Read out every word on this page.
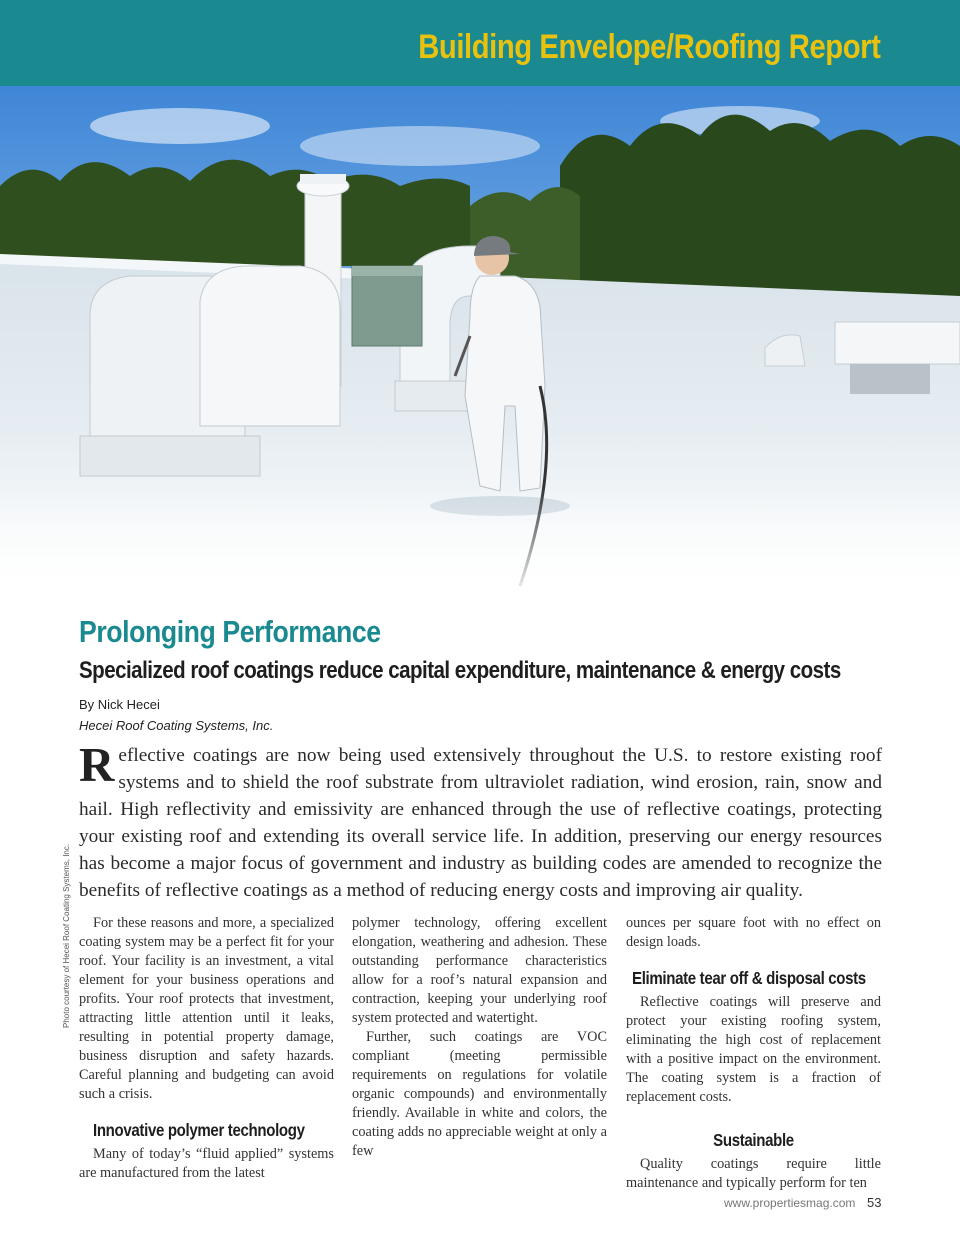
Building Envelope/Roofing Report
Photo courtesy of Hecei Roof Coating Systems, Inc.
Prolonging Performance
Specialized roof coatings reduce capital expenditure, maintenance & energy costs
By Nick Hecei
Hecei Roof Coating Systems, Inc.
Reflective coatings are now being used extensively throughout the U.S. to restore existing roof systems and to shield the roof substrate from ultraviolet radiation, wind erosion, rain, snow and hail. High reflectivity and emissivity are enhanced through the use of reflective coatings, protecting your existing roof and extending its overall service life. In addition, preserving our energy resources has become a major focus of government and industry as building codes are amended to recognize the benefits of reflective coatings as a method of reducing energy costs and improving air quality.

For these reasons and more, a specialized coating system may be a perfect fit for your roof. Your facility is an investment, a vital element for your business operations and profits. Your roof protects that investment, attracting little attention until it leaks, resulting in potential property damage, business disruption and safety hazards. Careful planning and budgeting can avoid such a crisis.

Innovative polymer technology

Many of today’s “fluid applied” systems are manufactured from the latest

polymer technology, offering excellent elongation, weathering and adhesion. These outstanding performance characteristics allow for a roof’s natural expansion and contraction, keeping your underlying roof system protected and watertight.

Further, such coatings are VOC compliant (meeting permissible requirements on regulations for volatile organic compounds) and environmentally friendly. Available in white and colors, the coating adds no appreciable weight at only a few

ounces per square foot with no effect on design loads.

Eliminate tear off & disposal costs

Reflective coatings will preserve and protect your existing roofing system, eliminating the high cost of replacement with a positive impact on the environment. The coating system is a fraction of replacement costs.

Sustainable

Quality coatings require little maintenance and typically perform for ten

www.propertiesmag.com 53
